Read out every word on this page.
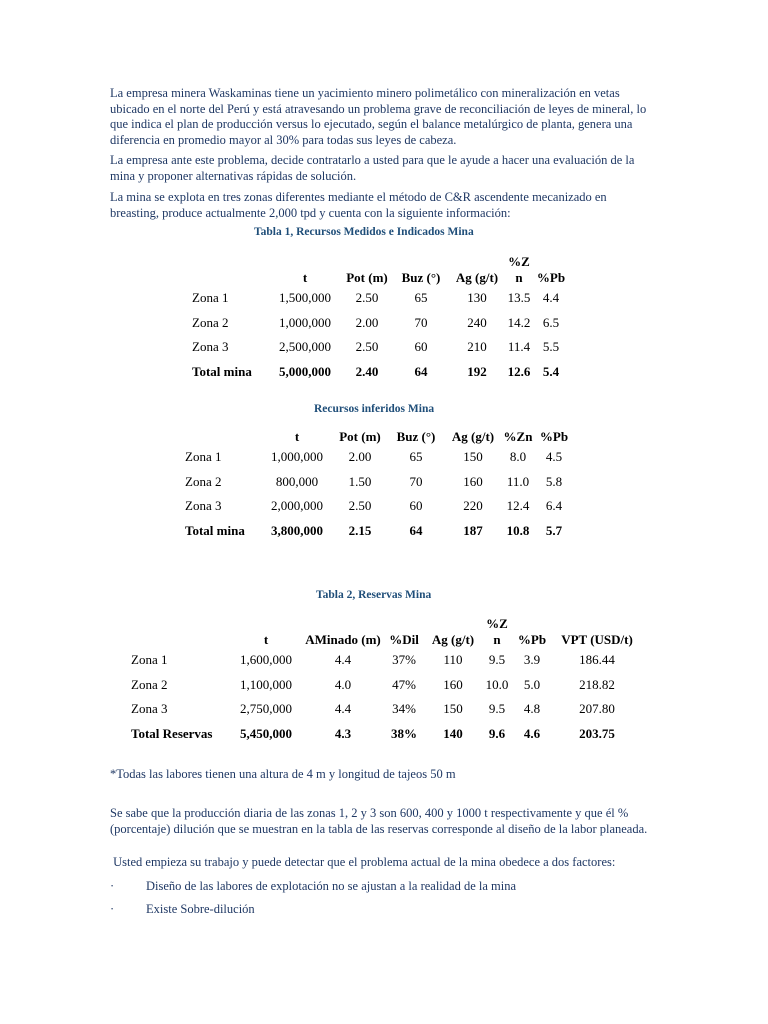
La empresa minera Waskaminas tiene un yacimiento minero polimetálico con mineralización en vetas ubicado en el norte del Perú y está atravesando un problema grave de reconciliación de leyes de mineral, lo que indica el plan de producción versus lo ejecutado, según el balance metalúrgico de planta, genera una diferencia en promedio mayor al 30% para todas sus leyes de cabeza.

La empresa ante este problema, decide contratarlo a usted para que le ayude a hacer una evaluación de la mina y proponer alternativas rápidas de solución.

La mina se explota en tres zonas diferentes mediante el método de C&R ascendente mecanizado en breasting, produce actualmente 2,000 tpd y cuenta con la siguiente información:

Tabla 1, Recursos Medidos e Indicados Mina
	t	Pot (m)	Buz (°)	Ag (g/t)	%Z n	%Pb
Zona 1	1,500,000	2.50	65	130	13.5	4.4
Zona 2	1,000,000	2.00	70	240	14.2	6.5
Zona 3	2,500,000	2.50	60	210	11.4	5.5
Total mina	5,000,000	2.40	64	192	12.6	5.4
Recursos inferidos Mina
	t	Pot (m)	Buz (°)	Ag (g/t)	%Zn	%Pb
Zona 1	1,000,000	2.00	65	150	8.0	4.5
Zona 2	800,000	1.50	70	160	11.0	5.8
Zona 3	2,000,000	2.50	60	220	12.4	6.4
Total mina	3,800,000	2.15	64	187	10.8	5.7
Tabla 2, Reservas Mina
	t	AMinado (m)	%Dil	Ag (g/t)	%Z n	%Pb	VPT (USD/t)
Zona 1	1,600,000	4.4	37%	110	9.5	3.9	186.44
Zona 2	1,100,000	4.0	47%	160	10.0	5.0	218.82
Zona 3	2,750,000	4.4	34%	150	9.5	4.8	207.80
Total Reservas	5,450,000	4.3	38%	140	9.6	4.6	203.75

*Todas las labores tienen una altura de 4 m y longitud de tajeos 50 m

Se sabe que la producción diaria de las zonas 1, 2 y 3 son 600, 400 y 1000 t respectivamente y que él % (porcentaje) dilución que se muestran en la tabla de las reservas corresponde al diseño de la labor planeada.

Usted empieza su trabajo y puede detectar que el problema actual de la mina obedece a dos factores:

·	Diseño de las labores de explotación no se ajustan a la realidad de la mina
·	Existe Sobre-dilución
